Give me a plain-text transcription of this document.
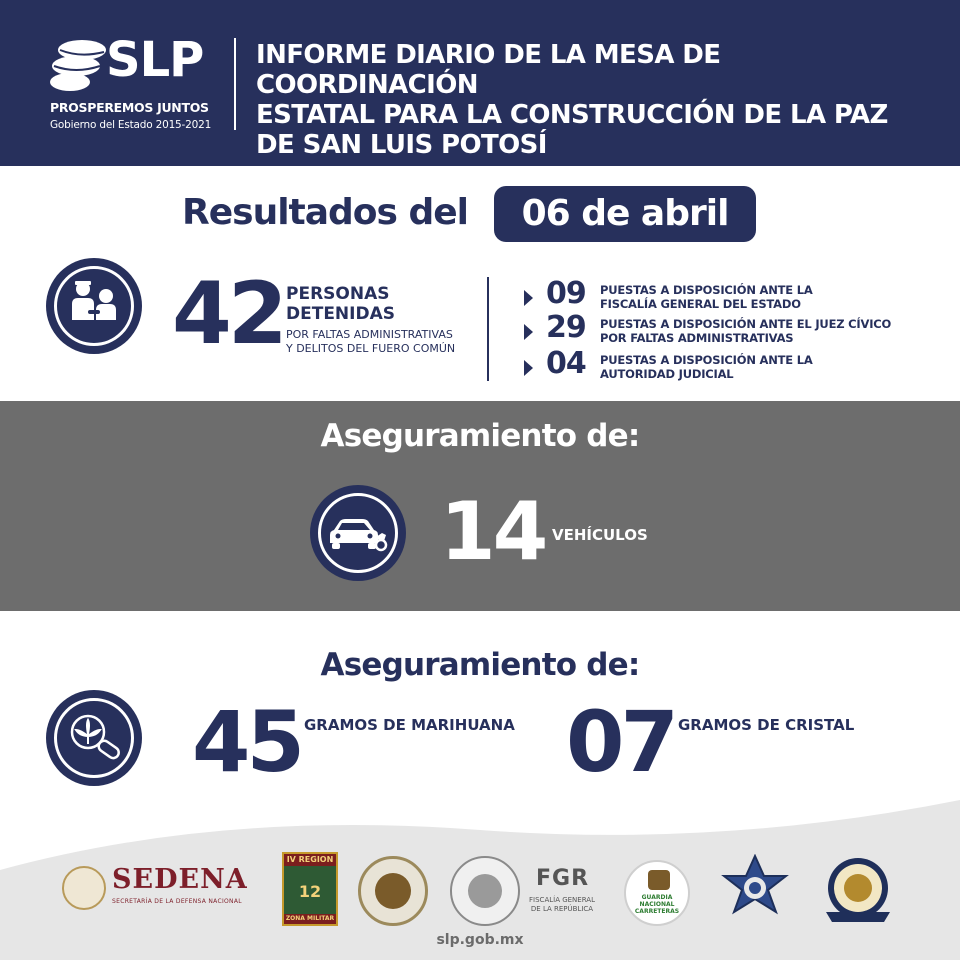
SLP
PROSPEREMOS JUNTOS
Gobierno del Estado 2015-2021
INFORME DIARIO DE LA MESA DE COORDINACIÓN
ESTATAL PARA LA CONSTRUCCIÓN DE LA PAZ
DE SAN LUIS POTOSÍ
Resultados del	06 de abril
42 PERSONAS
DETENIDAS
POR FALTAS ADMINISTRATIVAS
Y DELITOS DEL FUERO COMÚN
09 PUESTAS A DISPOSICIÓN ANTE LA
FISCALÍA GENERAL DEL ESTADO
29 PUESTAS A DISPOSICIÓN ANTE EL JUEZ CÍVICO
POR FALTAS ADMINISTRATIVAS
04 PUESTAS A DISPOSICIÓN ANTE LA
AUTORIDAD JUDICIAL
Aseguramiento de:
14 VEHÍCULOS
Aseguramiento de:
45 GRAMOS DE MARIHUANA 07 GRAMOS DE CRISTAL
SEDENA
SECRETARÍA DE LA DEFENSA NACIONAL
IV REGION
12
ZONA MILITAR
FGR
FISCALÍA GENERAL
DE LA REPÚBLICA
GUARDIA
NACIONAL
CARRETERAS
slp.gob.mx
